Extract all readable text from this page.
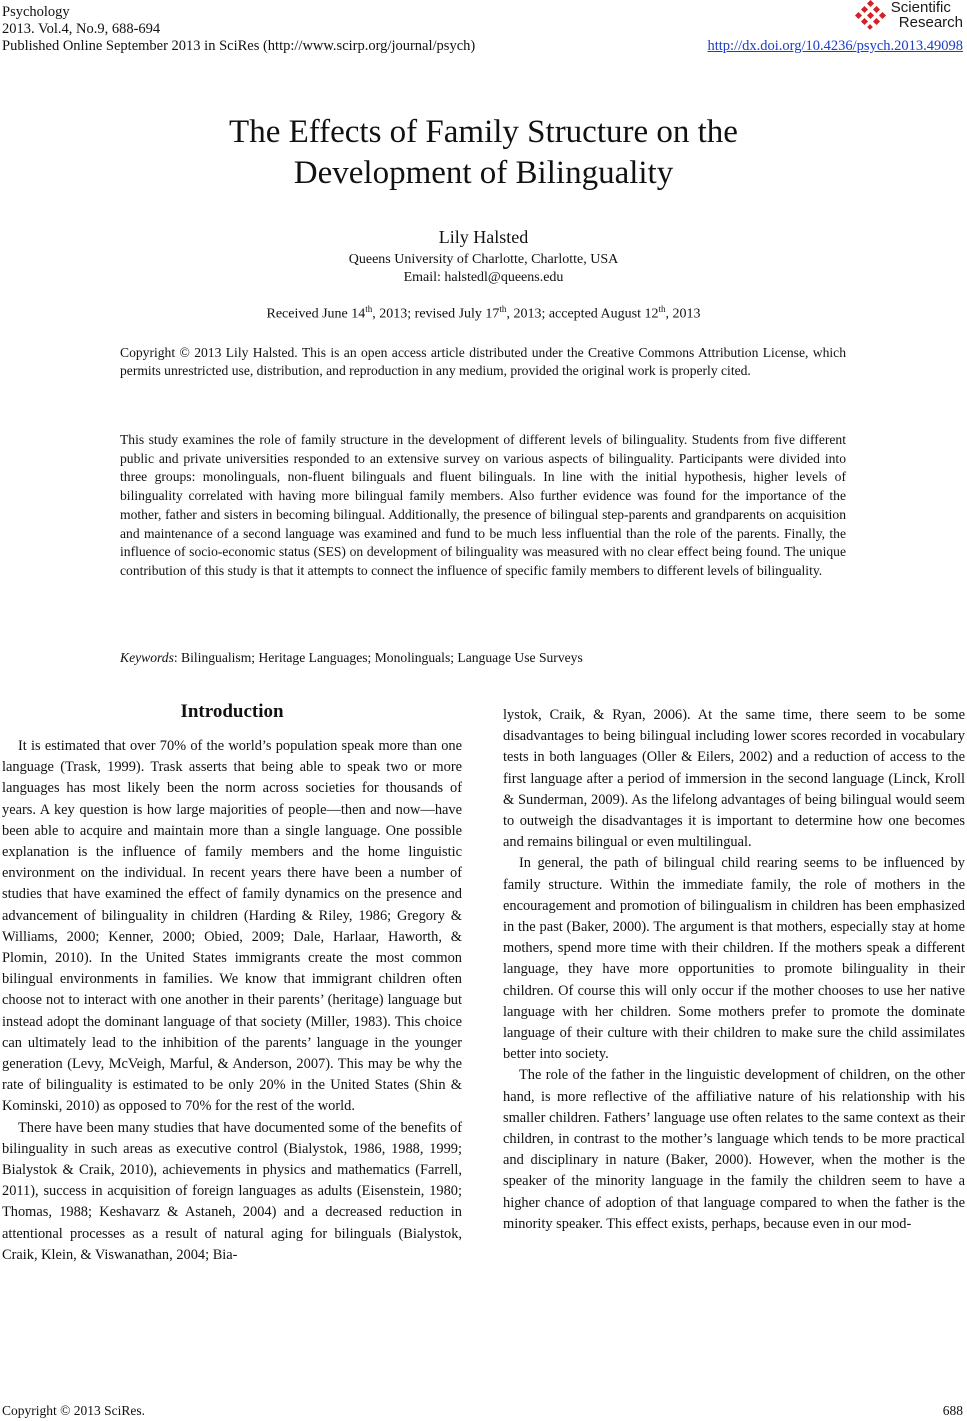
Psychology
2013. Vol.4, No.9, 688-694
Published Online September 2013 in SciRes (http://www.scirp.org/journal/psych)
Scientific
Research
http://dx.doi.org/10.4236/psych.2013.49098
The Effects of Family Structure on the
Development of Bilinguality
Lily Halsted
Queens University of Charlotte, Charlotte, USA
Email: halstedl@queens.edu
Received June 14th, 2013; revised July 17th, 2013; accepted August 12th, 2013
Copyright © 2013 Lily Halsted. This is an open access article distributed under the Creative Commons Attribution License, which permits unrestricted use, distribution, and reproduction in any medium, provided the original work is properly cited.
This study examines the role of family structure in the development of different levels of bilinguality. Students from five different public and private universities responded to an extensive survey on various aspects of bilinguality. Participants were divided into three groups: monolinguals, non-fluent bilinguals and fluent bilinguals. In line with the initial hypothesis, higher levels of bilinguality correlated with having more bilingual family members. Also further evidence was found for the importance of the mother, father and sisters in becoming bilingual. Additionally, the presence of bilingual step-parents and grandparents on acquisition and maintenance of a second language was examined and fund to be much less influential than the role of the parents. Finally, the influence of socio-economic status (SES) on development of bilinguality was measured with no clear effect being found. The unique contribution of this study is that it attempts to connect the influence of specific family members to different levels of bilinguality.
Keywords: Bilingualism; Heritage Languages; Monolinguals; Language Use Surveys
Introduction

It is estimated that over 70% of the world’s population speak more than one language (Trask, 1999). Trask asserts that being able to speak two or more languages has most likely been the norm across societies for thousands of years. A key question is how large majorities of people—then and now—have been able to acquire and maintain more than a single language. One possible explanation is the influence of family members and the home linguistic environment on the individual. In recent years there have been a number of studies that have examined the effect of family dynamics on the presence and advancement of bilinguality in children (Harding & Riley, 1986; Gregory & Williams, 2000; Kenner, 2000; Obied, 2009; Dale, Harlaar, Haworth, & Plomin, 2010). In the United States immigrants create the most common bilingual environments in families. We know that immigrant children often choose not to interact with one another in their parents’ (heritage) language but instead adopt the dominant language of that society (Miller, 1983). This choice can ultimately lead to the inhibition of the parents’ language in the younger generation (Levy, McVeigh, Marful, & Anderson, 2007). This may be why the rate of bilinguality is estimated to be only 20% in the United States (Shin & Kominski, 2010) as opposed to 70% for the rest of the world.

There have been many studies that have documented some of the benefits of bilinguality in such areas as executive control (Bialystok, 1986, 1988, 1999; Bialystok & Craik, 2010), achievements in physics and mathematics (Farrell, 2011), success in acquisition of foreign languages as adults (Eisenstein, 1980; Thomas, 1988; Keshavarz & Astaneh, 2004) and a decreased reduction in attentional processes as a result of natural aging for bilinguals (Bialystok, Craik, Klein, & Viswanathan, 2004; Bia-

lystok, Craik, & Ryan, 2006). At the same time, there seem to be some disadvantages to being bilingual including lower scores recorded in vocabulary tests in both languages (Oller & Eilers, 2002) and a reduction of access to the first language after a period of immersion in the second language (Linck, Kroll & Sunderman, 2009). As the lifelong advantages of being bilingual would seem to outweigh the disadvantages it is important to determine how one becomes and remains bilingual or even multilingual.

In general, the path of bilingual child rearing seems to be influenced by family structure. Within the immediate family, the role of mothers in the encouragement and promotion of bilingualism in children has been emphasized in the past (Baker, 2000). The argument is that mothers, especially stay at home mothers, spend more time with their children. If the mothers speak a different language, they have more opportunities to promote bilinguality in their children. Of course this will only occur if the mother chooses to use her native language with her children. Some mothers prefer to promote the dominate language of their culture with their children to make sure the child assimilates better into society.

The role of the father in the linguistic development of children, on the other hand, is more reflective of the affiliative nature of his relationship with his smaller children. Fathers’ language use often relates to the same context as their children, in contrast to the mother’s language which tends to be more practical and disciplinary in nature (Baker, 2000). However, when the mother is the speaker of the minority language in the family the children seem to have a higher chance of adoption of that language compared to when the father is the minority speaker. This effect exists, perhaps, because even in our mod-

Copyright © 2013 SciRes.	688
